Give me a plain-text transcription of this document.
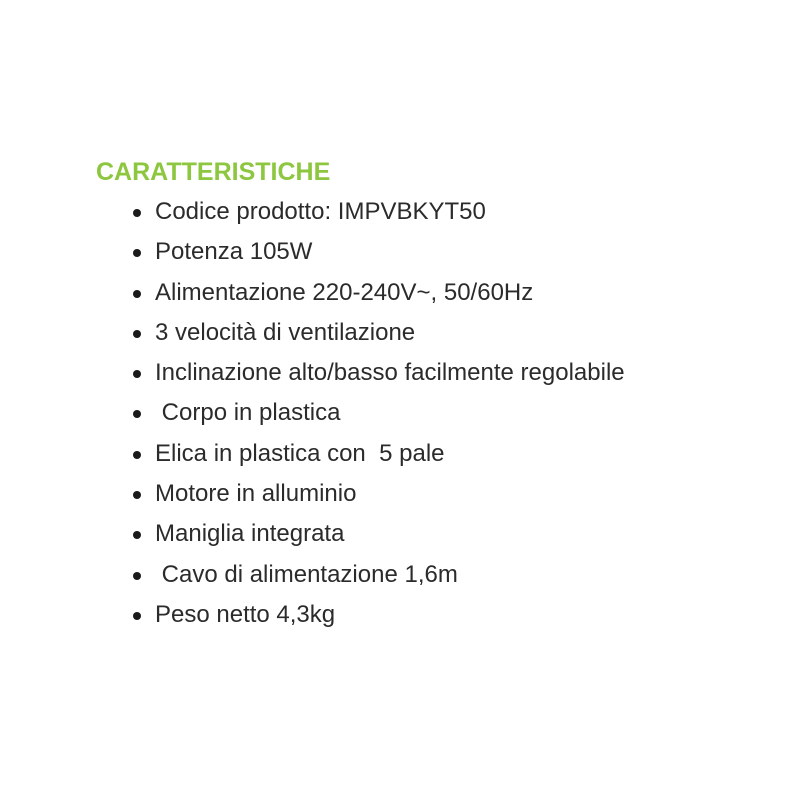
CARATTERISTICHE
Codice prodotto: IMPVBKYT50
Potenza 105W
Alimentazione 220-240V~, 50/60Hz
3 velocità di ventilazione
Inclinazione alto/basso facilmente regolabile
Corpo in plastica
Elica in plastica con  5 pale
Motore in alluminio
Maniglia integrata
Cavo di alimentazione 1,6m
Peso netto 4,3kg
